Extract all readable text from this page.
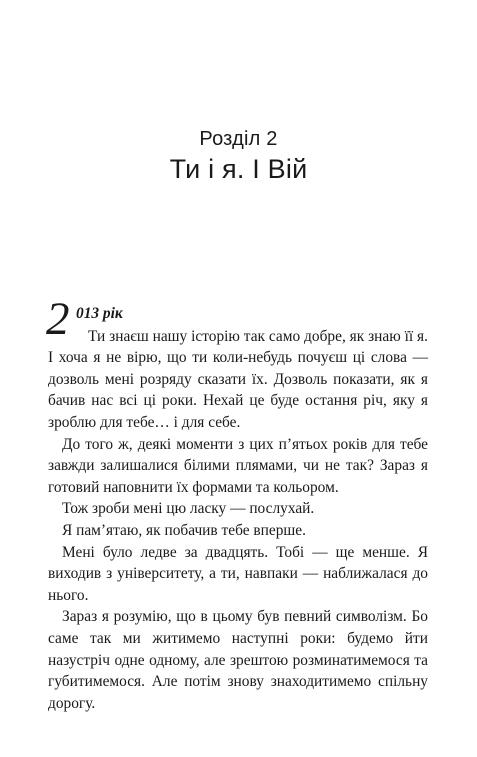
Розділ 2
Ти і я. І Вій
2 013 рік

Ти знаєш нашу історію так само добре, як знаю її я. І хоча я не вірю, що ти коли-небудь почуєш ці слова — дозволь мені розряду сказати їх. Дозволь показати, як я бачив нас всі ці роки. Нехай це буде остання річ, яку я зроблю для тебе… і для себе.

До того ж, деякі моменти з цих п’ятьох років для тебе завжди залишалися білими плямами, чи не так? Зараз я готовий наповнити їх формами та кольором.

Тож зроби мені цю ласку — послухай.

Я пам’ятаю, як побачив тебе вперше.

Мені було ледве за двадцять. Тобі — ще менше. Я виходив з університету, а ти, навпаки — наближалася до нього.

Зараз я розумію, що в цьому був певний символізм. Бо саме так ми житимемо наступні роки: будемо йти назустріч одне одному, але зрештою розминатимемося та губитимемося. Але потім знову знаходитимемо спільну дорогу.
